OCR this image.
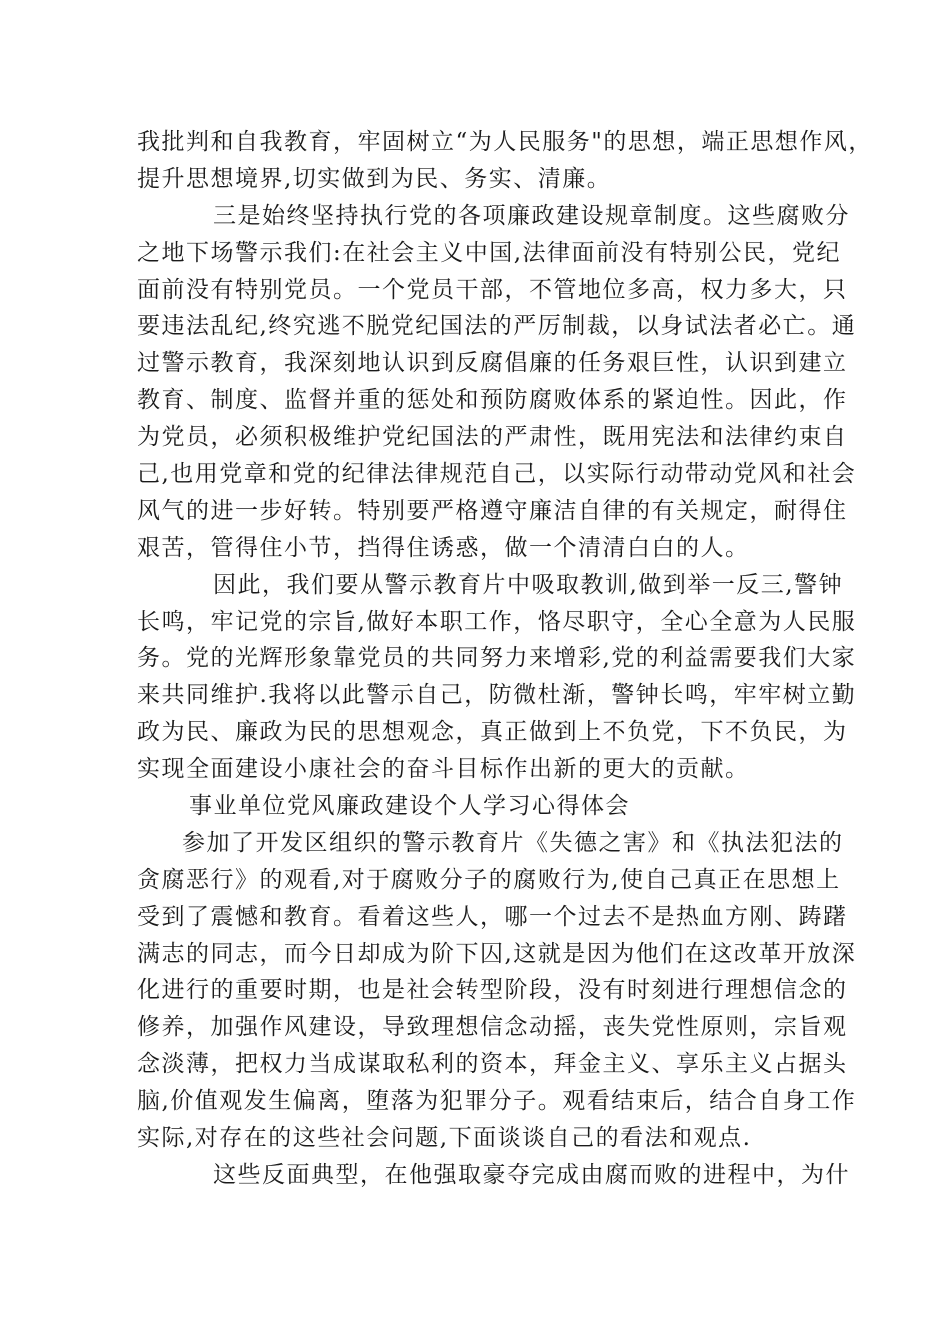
我批判和自我教育，牢固树立“为人民服务"的思想，端正思想作风，
提升思想境界,切实做到为民、务实、清廉。
三是始终坚持执行党的各项廉政建设规章制度。这些腐败分
之地下场警示我们:在社会主义中国,法律面前没有特别公民，党纪
面前没有特别党员。一个党员干部，不管地位多高，权力多大，只
要违法乱纪,终究逃不脱党纪国法的严厉制裁，以身试法者必亡。通
过警示教育，我深刻地认识到反腐倡廉的任务艰巨性，认识到建立
教育、制度、监督并重的惩处和预防腐败体系的紧迫性。因此，作
为党员，必须积极维护党纪国法的严肃性，既用宪法和法律约束自
己,也用党章和党的纪律法律规范自己，以实际行动带动党风和社会
风气的进一步好转。特别要严格遵守廉洁自律的有关规定，耐得住
艰苦，管得住小节，挡得住诱惑，做一个清清白白的人。
因此，我们要从警示教育片中吸取教训,做到举一反三,警钟
长鸣，牢记党的宗旨,做好本职工作，恪尽职守，全心全意为人民服
务。党的光辉形象靠党员的共同努力来增彩,党的利益需要我们大家
来共同维护.我将以此警示自己，防微杜渐，警钟长鸣，牢牢树立勤
政为民、廉政为民的思想观念，真正做到上不负党，下不负民，为
实现全面建设小康社会的奋斗目标作出新的更大的贡献。
事业单位党风廉政建设个人学习心得体会
参加了开发区组织的警示教育片《失德之害》和《执法犯法的
贪腐恶行》的观看,对于腐败分子的腐败行为,使自己真正在思想上
受到了震憾和教育。看着这些人，哪一个过去不是热血方刚、踌躇
满志的同志，而今日却成为阶下囚,这就是因为他们在这改革开放深
化进行的重要时期，也是社会转型阶段，没有时刻进行理想信念的
修养，加强作风建设，导致理想信念动摇，丧失党性原则，宗旨观
念淡薄，把权力当成谋取私利的资本，拜金主义、享乐主义占据头
脑,价值观发生偏离，堕落为犯罪分子。观看结束后，结合自身工作
实际,对存在的这些社会问题,下面谈谈自己的看法和观点.
这些反面典型，在他强取豪夺完成由腐而败的进程中，为什
